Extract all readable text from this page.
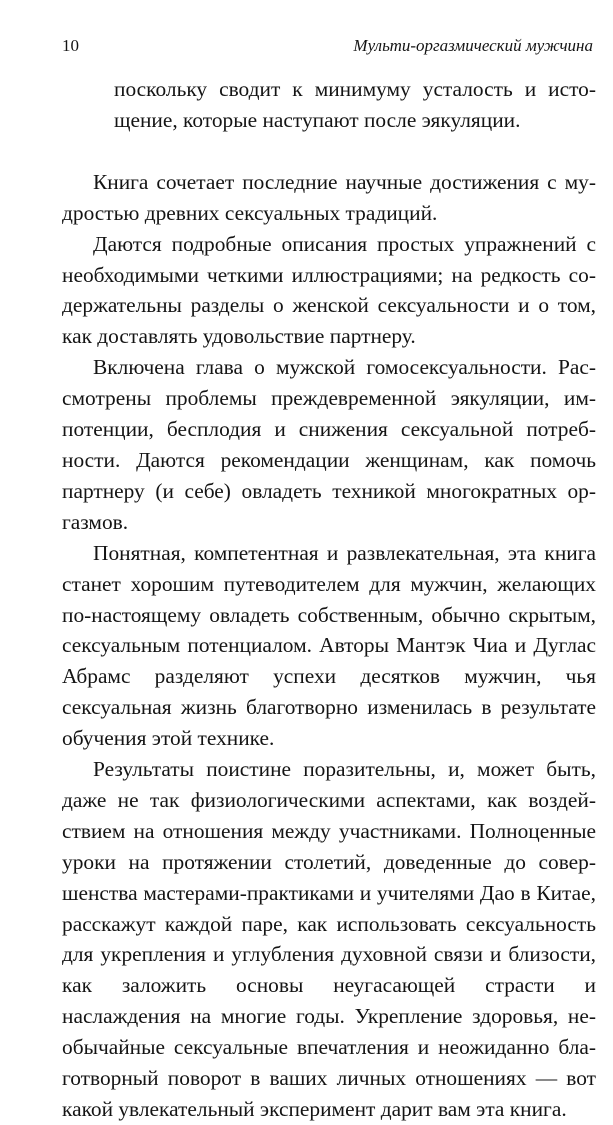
10	Мульти-оргазмический мужчина

поскольку сводит к минимуму усталость и истощение, которые наступают после эякуляции.

Книга сочетает последние научные достижения с мудростью древних сексуальных традиций.

Даются подробные описания простых упражнений с необходимыми четкими иллюстрациями; на редкость содержательны разделы о женской сексуальности и о том, как доставлять удовольствие партнеру.

Включена глава о мужской гомосексуальности. Рассмотрены проблемы преждевременной эякуляции, импотенции, бесплодия и снижения сексуальной потребности. Даются рекомендации женщинам, как помочь партнеру (и себе) овладеть техникой многократных оргазмов.

Понятная, компетентная и развлекательная, эта книга станет хорошим путеводителем для мужчин, желающих по-настоящему овладеть собственным, обычно скрытым, сексуальным потенциалом. Авторы Мантэк Чиа и Дуглас Абрамс разделяют успехи десятков мужчин, чья сексуальная жизнь благотворно изменилась в результате обучения этой технике.

Результаты поистине поразительны, и, может быть, даже не так физиологическими аспектами, как воздействием на отношения между участниками. Полноценные уроки на протяжении столетий, доведенные до совершенства мастерами-практиками и учителями Дао в Китае, расскажут каждой паре, как использовать сексуальность для укрепления и углубления духовной связи и близости, как заложить основы неугасающей страсти и наслаждения на многие годы. Укрепление здоровья, необычайные сексуальные впечатления и неожиданно благотворный поворот в ваших личных отношениях — вот какой увлекательный эксперимент дарит вам эта книга.
